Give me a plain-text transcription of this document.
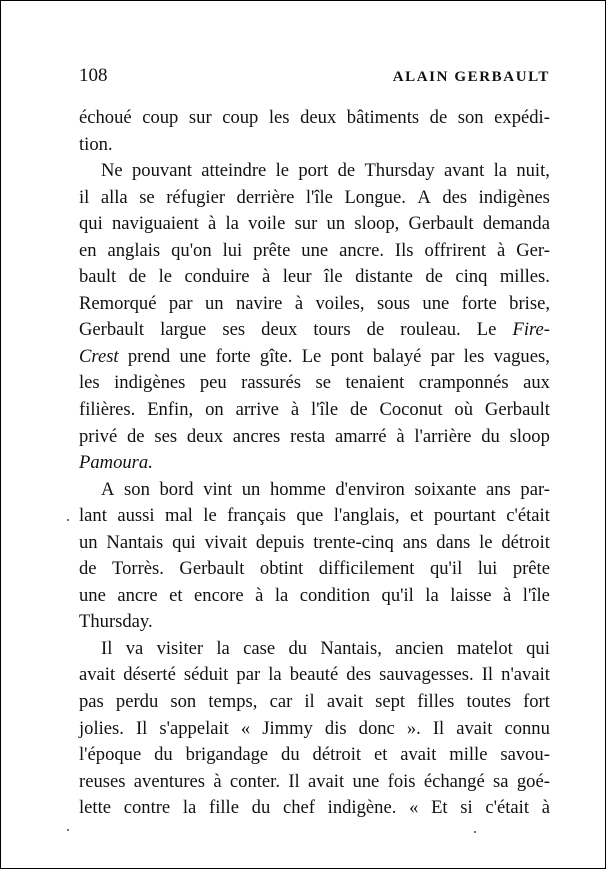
108	ALAIN GERBAULT
échoué coup sur coup les deux bâtiments de son expédi-
tion.
Ne pouvant atteindre le port de Thursday avant la nuit,
il alla se réfugier derrière l'île Longue. A des indigènes
qui naviguaient à la voile sur un sloop, Gerbault demanda
en anglais qu'on lui prête une ancre. Ils offrirent à Ger-
bault de le conduire à leur île distante de cinq milles.
Remorqué par un navire à voiles, sous une forte brise,
Gerbault largue ses deux tours de rouleau. Le Fire-
Crest prend une forte gîte. Le pont balayé par les vagues,
les indigènes peu rassurés se tenaient cramponnés aux
filières. Enfin, on arrive à l'île de Coconut où Gerbault
privé de ses deux ancres resta amarré à l'arrière du sloop
Pamoura.
A son bord vint un homme d'environ soixante ans par-
lant aussi mal le français que l'anglais, et pourtant c'était
un Nantais qui vivait depuis trente-cinq ans dans le détroit
de Torrès. Gerbault obtint difficilement qu'il lui prête
une ancre et encore à la condition qu'il la laisse à l'île
Thursday.
Il va visiter la case du Nantais, ancien matelot qui
avait déserté séduit par la beauté des sauvagesses. Il n'avait
pas perdu son temps, car il avait sept filles toutes fort
jolies. Il s'appelait « Jimmy dis donc ». Il avait connu
l'époque du brigandage du détroit et avait mille savou-
reuses aventures à conter. Il avait une fois échangé sa goé-
lette contre la fille du chef indigène. « Et si c'était à
